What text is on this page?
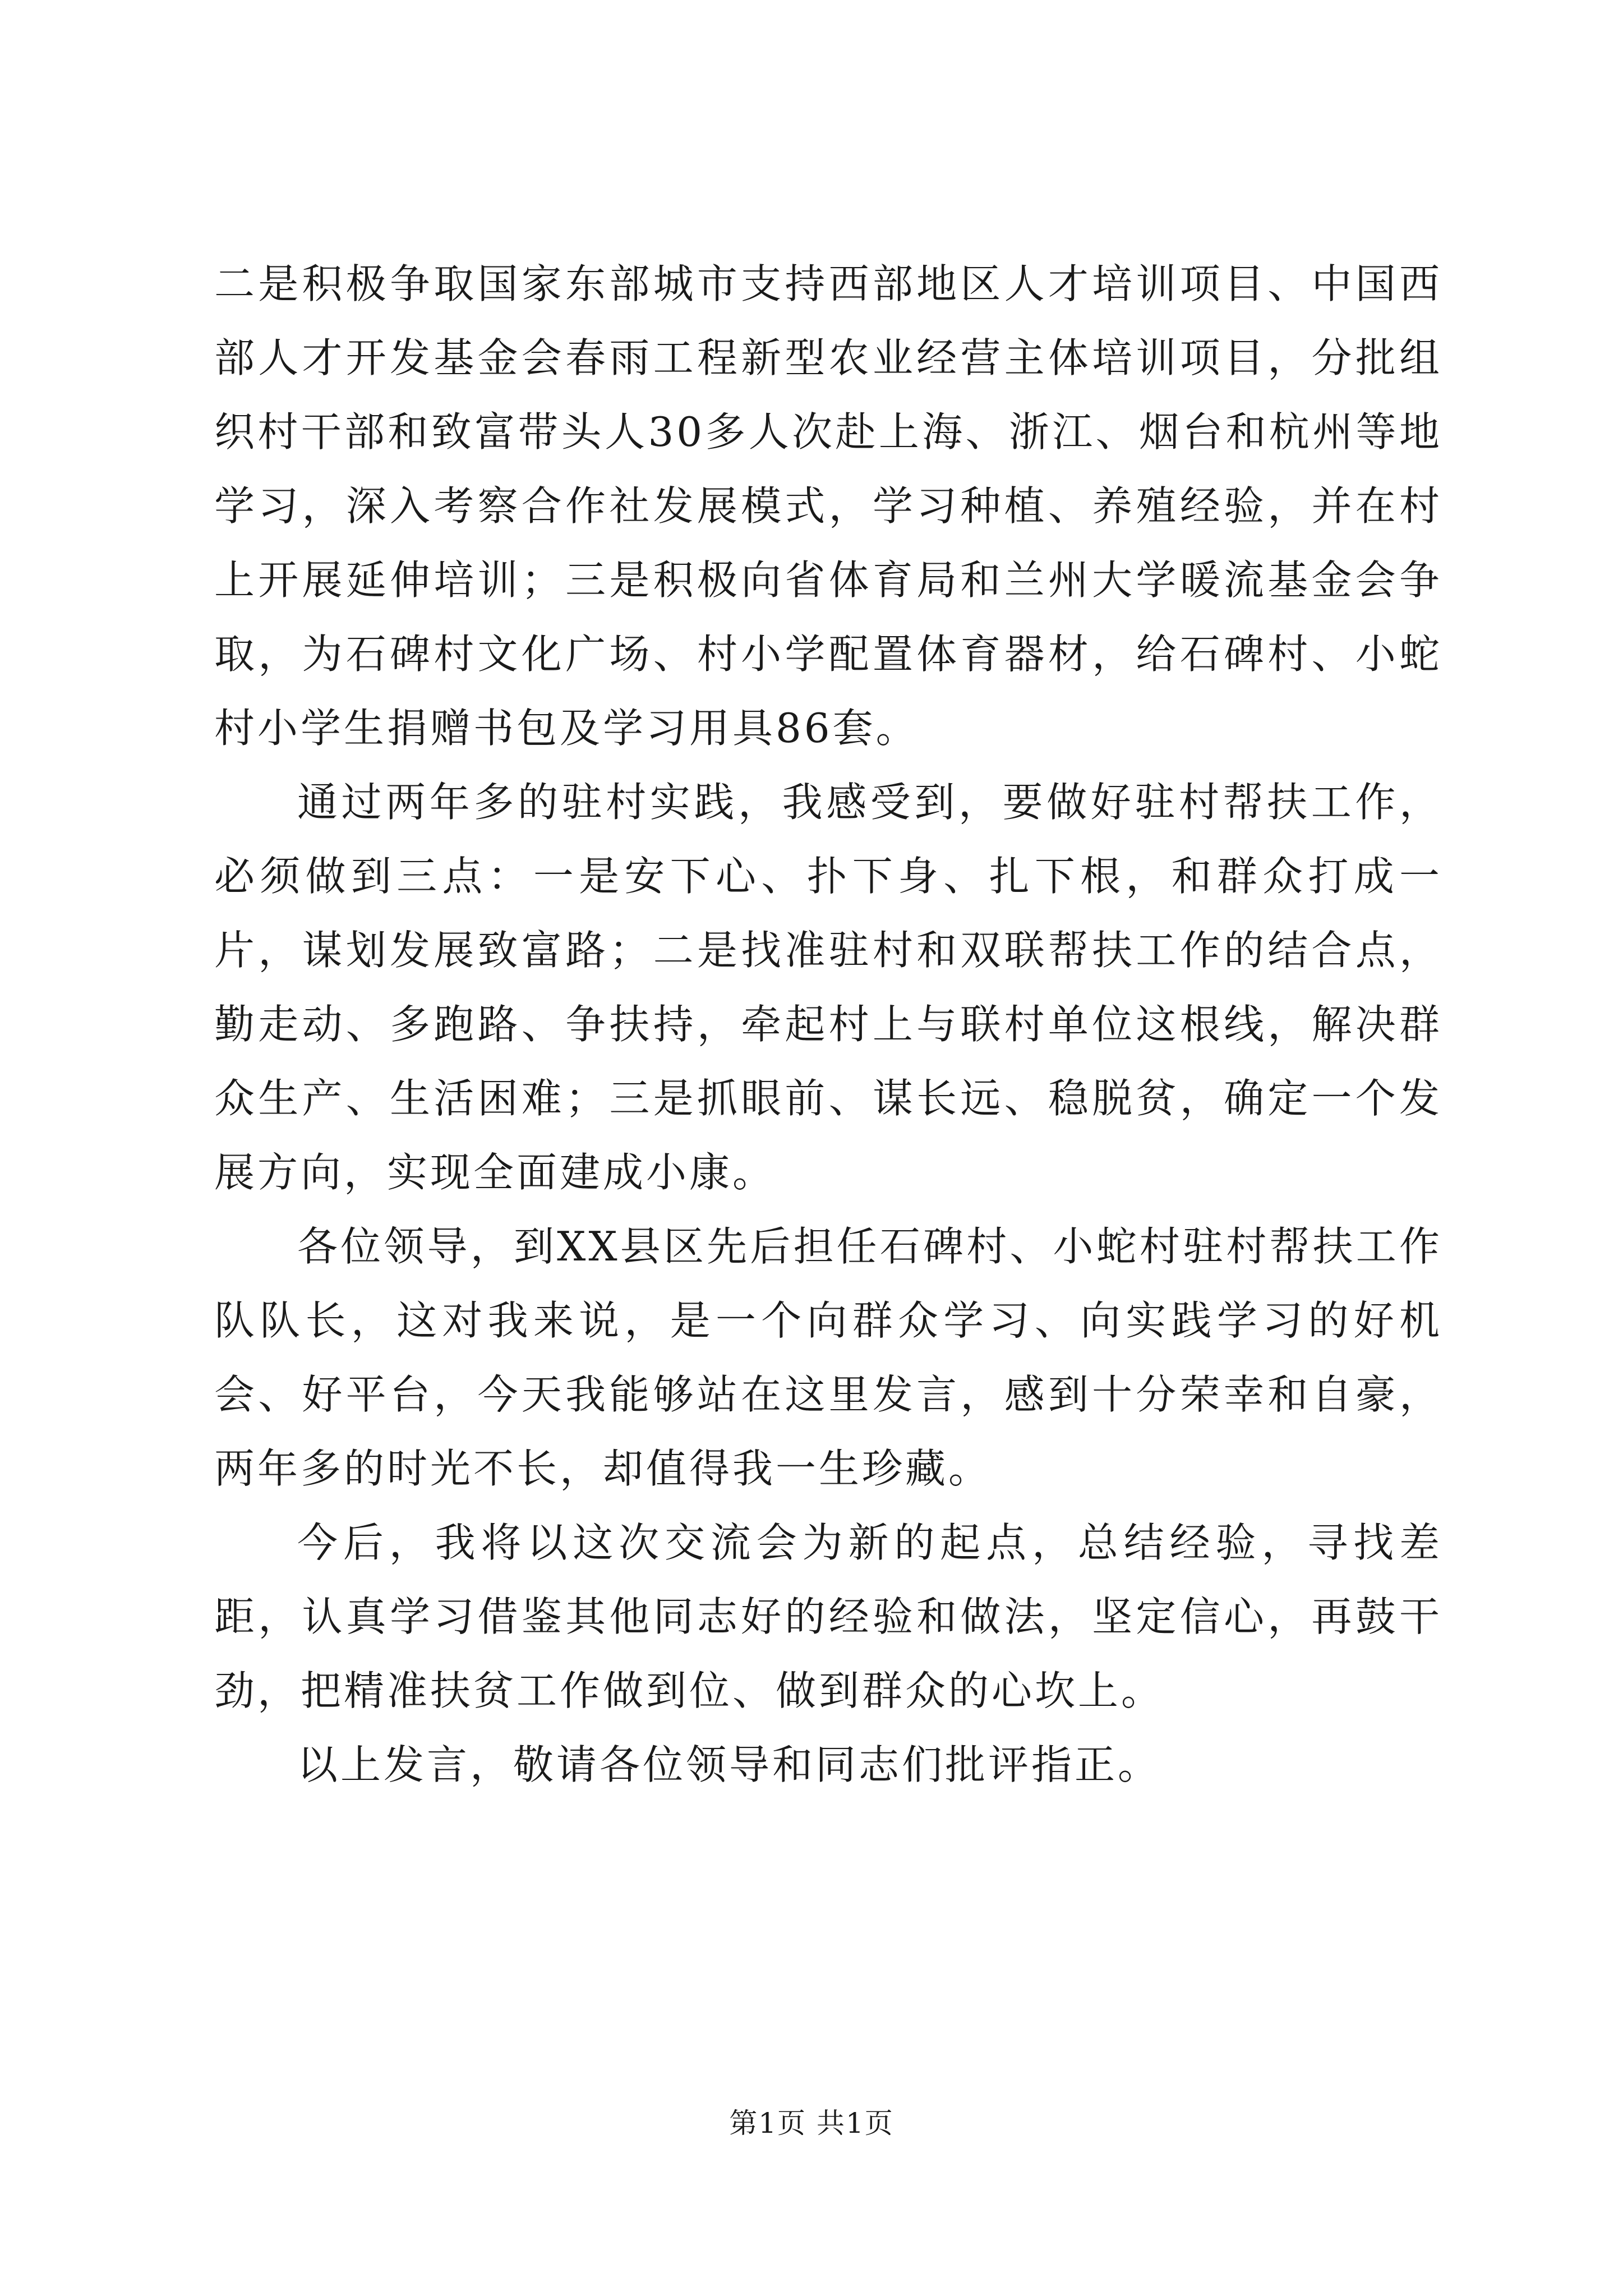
二是积极争取国家东部城市支持西部地区人才培训项目、中国西部人才开发基金会春雨工程新型农业经营主体培训项目，分批组织村干部和致富带头人30多人次赴上海、浙江、烟台和杭州等地学习，深入考察合作社发展模式，学习种植、养殖经验，并在村上开展延伸培训；三是积极向省体育局和兰州大学暖流基金会争取，为石碑村文化广场、村小学配置体育器材，给石碑村、小蛇村小学生捐赠书包及学习用具86套。

通过两年多的驻村实践，我感受到，要做好驻村帮扶工作，必须做到三点：一是安下心、扑下身、扎下根，和群众打成一片，谋划发展致富路；二是找准驻村和双联帮扶工作的结合点，勤走动、多跑路、争扶持，牵起村上与联村单位这根线，解决群众生产、生活困难；三是抓眼前、谋长远、稳脱贫，确定一个发展方向，实现全面建成小康。

各位领导，到XX县区先后担任石碑村、小蛇村驻村帮扶工作队队长，这对我来说，是一个向群众学习、向实践学习的好机会、好平台，今天我能够站在这里发言，感到十分荣幸和自豪，两年多的时光不长，却值得我一生珍藏。

今后，我将以这次交流会为新的起点，总结经验，寻找差距，认真学习借鉴其他同志好的经验和做法，坚定信心，再鼓干劲，把精准扶贫工作做到位、做到群众的心坎上。

以上发言，敬请各位领导和同志们批评指正。

第1页 共1页
